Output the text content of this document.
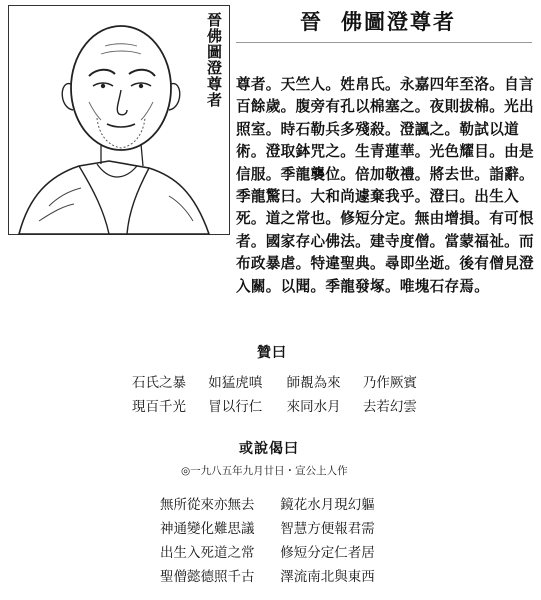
晉佛圖澄尊者	晉 佛圖澄尊者
尊者。天竺人。姓帛氏。永嘉四年至洛。自言
百餘歲。腹旁有孔以棉塞之。夜則拔棉。光出
照室。時石勒兵多殘殺。澄諷之。勒試以道
術。澄取鉢咒之。生青蓮華。光色耀目。由是
信服。季龍襲位。倍加敬禮。將去世。詣辭。
季龍驚曰。大和尚遽棄我乎。澄曰。出生入
死。道之常也。修短分定。無由增損。有可恨
者。國家存心佛法。建寺度僧。當蒙福祉。而
布政暴虐。特違聖典。尋即坐逝。後有僧見澄
入關。以聞。季龍發塚。唯塊石存焉。
贊曰
石氏之暴 如猛虎嗔 師覩為來 乃作厥賓
現百千光 冒以行仁 來同水月 去若幻雲
或說偈曰
◎一九八五年九月廿日・宣公上人作
無所從來亦無去 鏡花水月現幻軀
神通變化難思議 智慧方便報君需
出生入死道之常 修短分定仁者居
聖僧懿德照千古 澤流南北與東西
